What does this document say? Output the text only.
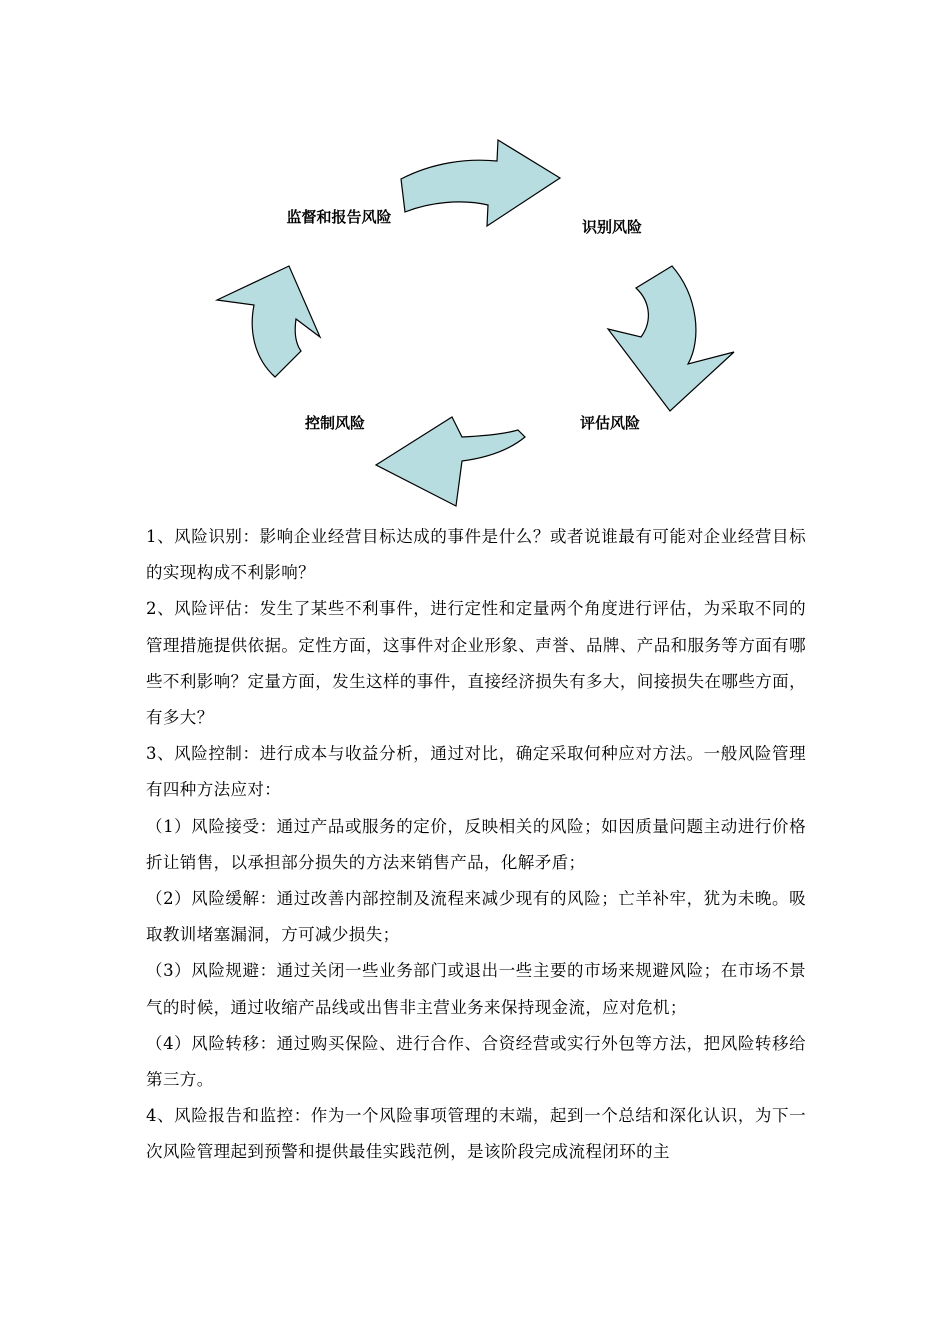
监督和报告风险
识别风险
评估风险
控制风险

1、风险识别：影响企业经营目标达成的事件是什么？或者说谁最有可能对企业经营目标的实现构成不利影响？

2、风险评估：发生了某些不利事件，进行定性和定量两个角度进行评估，为采取不同的管理措施提供依据。定性方面，这事件对企业形象、声誉、品牌、产品和服务等方面有哪些不利影响？定量方面，发生这样的事件，直接经济损失有多大，间接损失在哪些方面，有多大？

3、风险控制：进行成本与收益分析，通过对比，确定采取何种应对方法。一般风险管理有四种方法应对：

（1）风险接受：通过产品或服务的定价，反映相关的风险；如因质量问题主动进行价格折让销售，以承担部分损失的方法来销售产品，化解矛盾；

（2）风险缓解：通过改善内部控制及流程来减少现有的风险；亡羊补牢，犹为未晚。吸取教训堵塞漏洞，方可减少损失；

（3）风险规避：通过关闭一些业务部门或退出一些主要的市场来规避风险；在市场不景气的时候，通过收缩产品线或出售非主营业务来保持现金流，应对危机；

（4）风险转移：通过购买保险、进行合作、合资经营或实行外包等方法，把风险转移给第三方。

4、风险报告和监控：作为一个风险事项管理的末端，起到一个总结和深化认识，为下一次风险管理起到预警和提供最佳实践范例，是该阶段完成流程闭环的主
